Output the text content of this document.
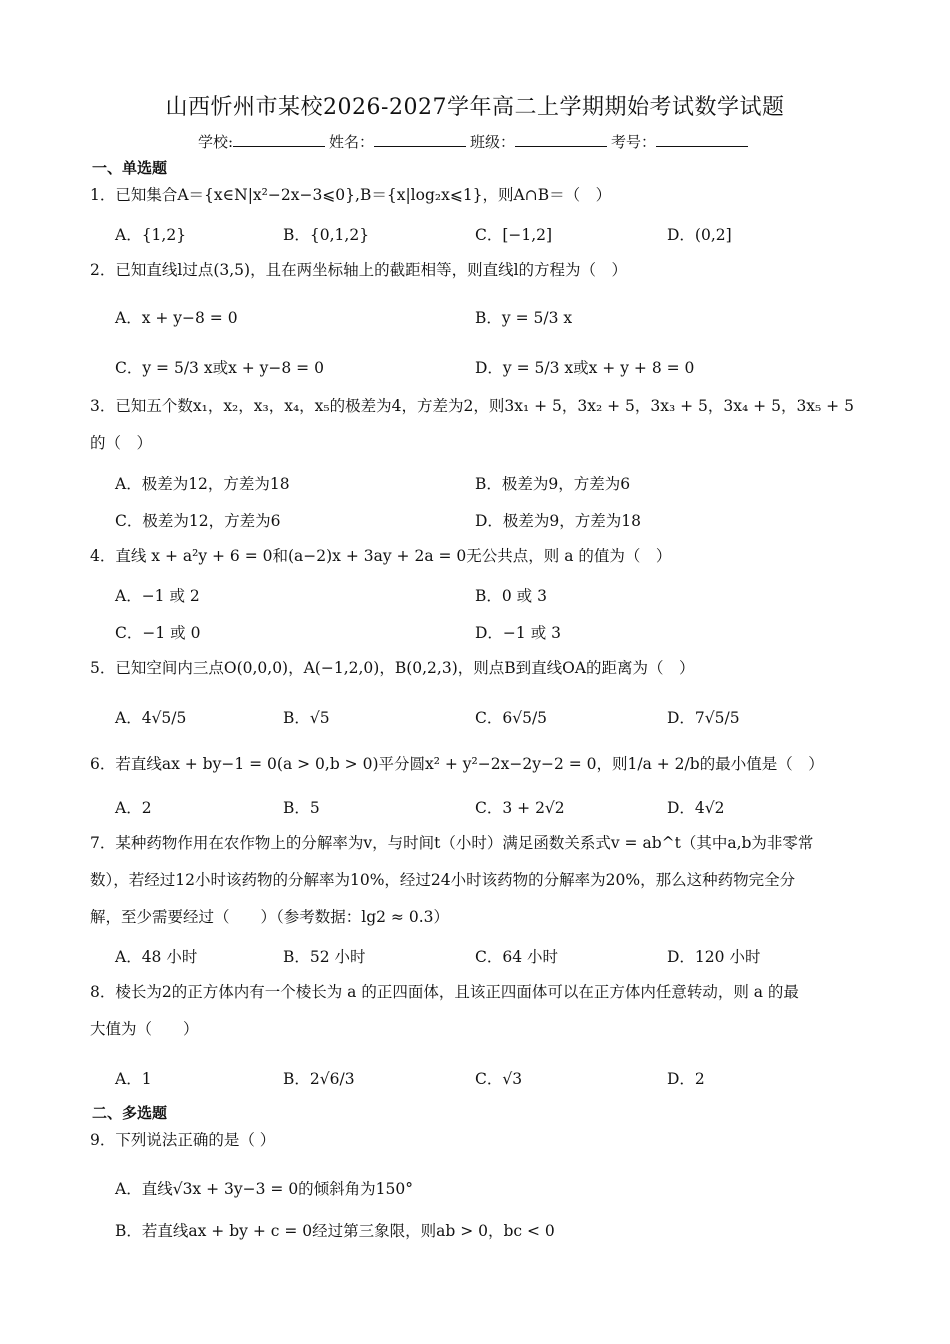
山西忻州市某校2026-2027学年高二上学期期始考试数学试题
学校:	姓名：	班级：	考号：
一、单选题
1．已知集合A＝{x∈N|x²−2x−3⩽0},B＝{x|log₂x⩽1}，则A∩B＝（　）
A．{1,2}	B．{0,1,2}	C．[−1,2]	D．(0,2]
2．已知直线l过点(3,5)，且在两坐标轴上的截距相等，则直线l的方程为（　）
A．x + y−8 = 0	B．y = 5/3 x
C．y = 5/3 x或x + y−8 = 0	D．y = 5/3 x或x + y + 8 = 0
3．已知五个数x₁，x₂，x₃，x₄，x₅的极差为4，方差为2，则3x₁ + 5，3x₂ + 5，3x₃ + 5，3x₄ + 5，3x₅ + 5
的（　）
A．极差为12，方差为18	B．极差为9，方差为6
C．极差为12，方差为6	D．极差为9，方差为18
4．直线 x + a²y + 6 = 0和(a−2)x + 3ay + 2a = 0无公共点，则 a 的值为（　）
A．−1 或 2	B．0 或 3
C．−1 或 0	D．−1 或 3
5．已知空间内三点O(0,0,0)，A(−1,2,0)，B(0,2,3)，则点B到直线OA的距离为（　）
A．4√5/5	B．√5	C．6√5/5	D．7√5/5
6．若直线ax + by−1 = 0(a > 0,b > 0)平分圆x² + y²−2x−2y−2 = 0，则1/a + 2/b的最小值是（　）
A．2	B．5	C．3 + 2√2	D．4√2
7．某种药物作用在农作物上的分解率为v，与时间t（小时）满足函数关系式v = ab^t（其中a,b为非零常
数），若经过12小时该药物的分解率为10%，经过24小时该药物的分解率为20%，那么这种药物完全分
解，至少需要经过（　　）（参考数据：lg2 ≈ 0.3）
A．48 小时	B．52 小时	C．64 小时	D．120 小时
8．棱长为2的正方体内有一个棱长为 a 的正四面体，且该正四面体可以在正方体内任意转动，则 a 的最
大值为（　　）
A．1	B．2√6/3	C．√3	D．2
二、多选题
9．下列说法正确的是（ ）
A．直线√3x + 3y−3 = 0的倾斜角为150°
B．若直线ax + by + c = 0经过第三象限，则ab > 0，bc < 0
